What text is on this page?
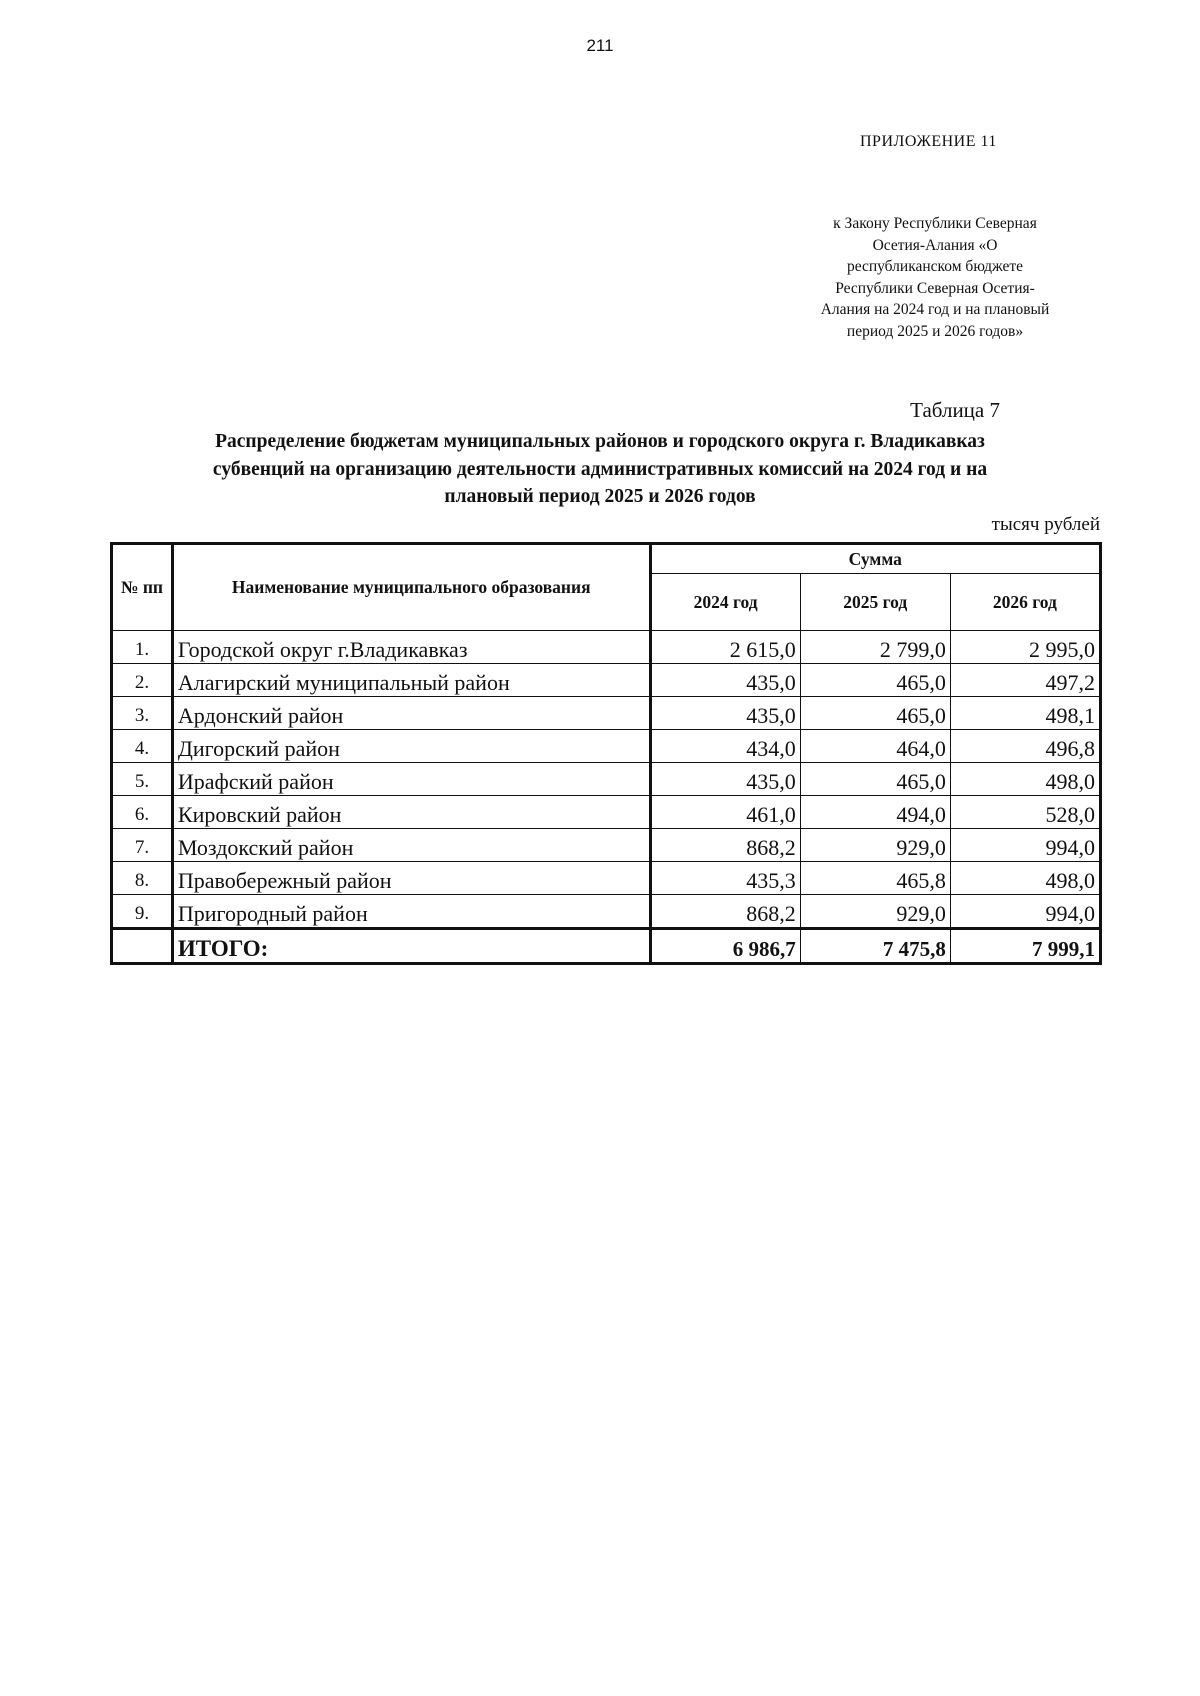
211
ПРИЛОЖЕНИЕ 11
к Закону Республики Северная
Осетия-Алания «О
республиканском бюджете
Республики Северная Осетия-
Алания на 2024 год и на плановый
период 2025 и 2026 годов»
Таблица 7
Распределение бюджетам муниципальных районов и городского округа г. Владикавказ
субвенций на организацию деятельности административных комиссий на 2024 год и на
плановый период 2025 и 2026 годов
тысяч рублей
№ пп	Наименование муниципального образования	Сумма		
		2024 год	2025 год	2026 год
1.	Городской округ г.Владикавказ	2 615,0	2 799,0	2 995,0
2.	Алагирский муниципальный район	435,0	465,0	497,2
3.	Ардонский район	435,0	465,0	498,1
4.	Дигорский район	434,0	464,0	496,8
5.	Ирафский район	435,0	465,0	498,0
6.	Кировский район	461,0	494,0	528,0
7.	Моздокский район	868,2	929,0	994,0
8.	Правобережный район	435,3	465,8	498,0
9.	Пригородный район	868,2	929,0	994,0
	ИТОГО:	6 986,7	7 475,8	7 999,1
